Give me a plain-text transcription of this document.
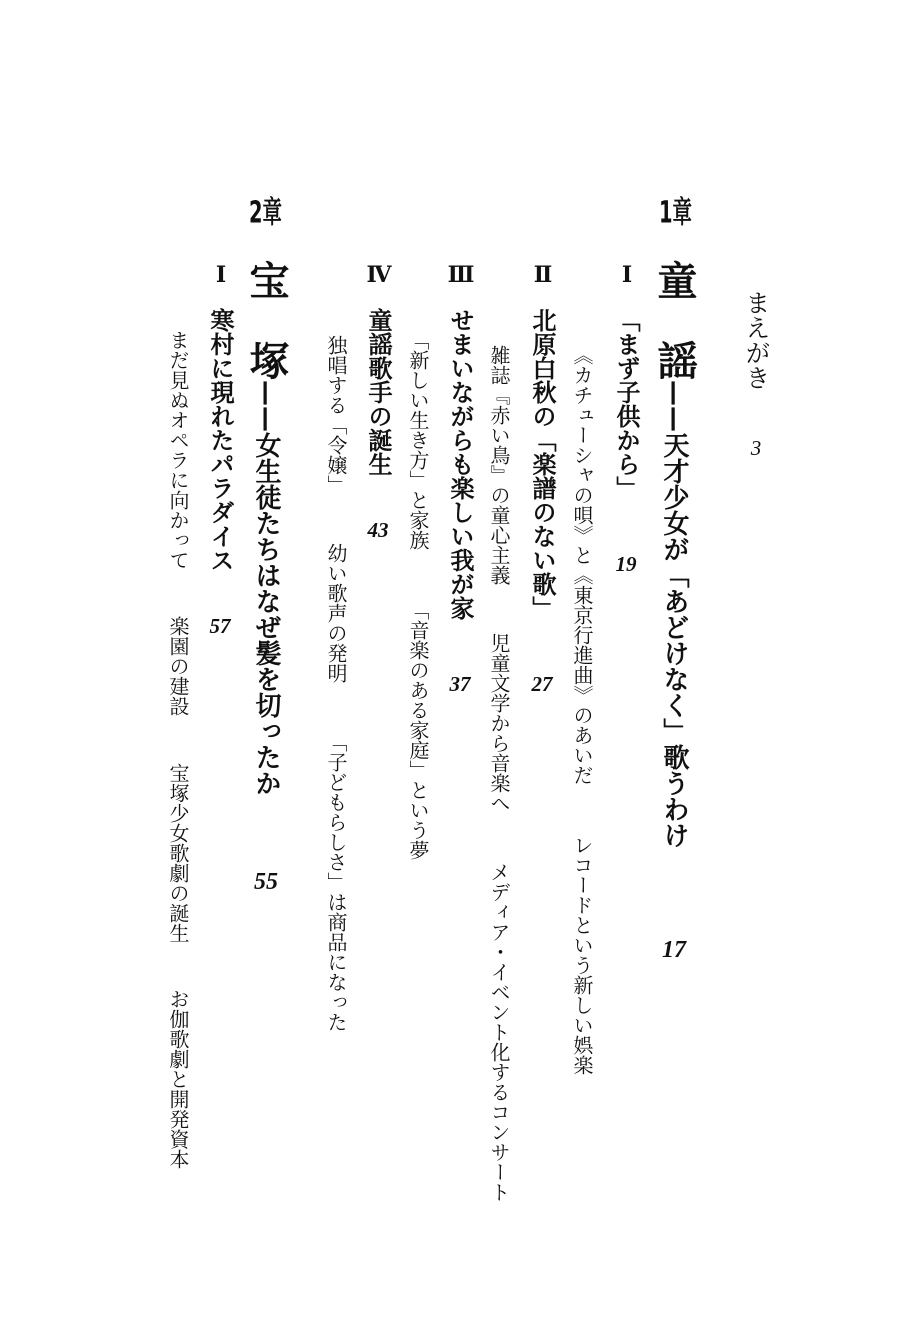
まえがき 3
1章
童　謡——天才少女が「あどけなく」歌うわけ 17
Ⅰ
「まず子供から」 19
《カチューシャの唄》と《東京行進曲》のあいだ レコードという新しい娯楽
Ⅱ
北原白秋の「楽譜のない歌」 27
雑誌『赤い鳥』の童心主義 児童文学から音楽へ メディア・イベント化するコンサート
Ⅲ
せまいながらも楽しい我が家 37
「新しい生き方」と家族 「音楽のある家庭」という夢
Ⅳ
童謡歌手の誕生 43
独唱する「令嬢」 幼い歌声の発明 「子どもらしさ」は商品になった
2章
宝　塚——女生徒たちはなぜ髪を切ったか 55
Ⅰ
寒村に現れたパラダイス 57
まだ見ぬオペラに向かって 楽園の建設 宝塚少女歌劇の誕生 お伽歌劇と開発資本
